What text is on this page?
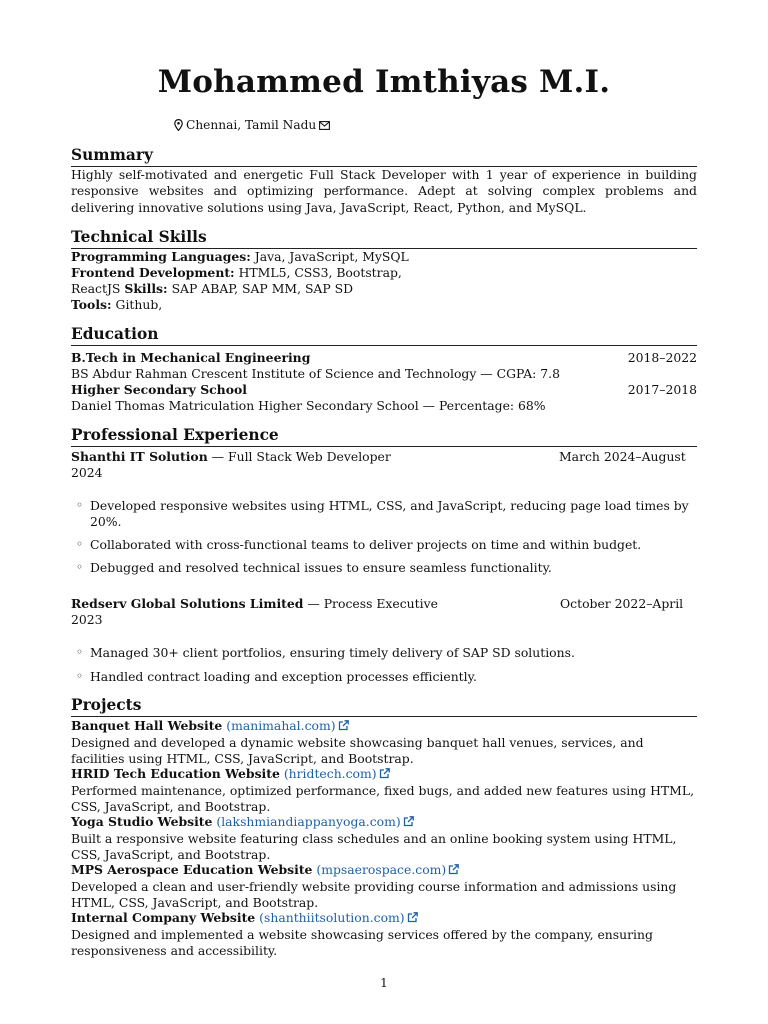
Mohammed Imthiyas M.I.
Chennai, Tamil Nadu
Summary
Highly self-motivated and energetic Full Stack Developer with 1 year of experience in building responsive websites and optimizing performance. Adept at solving complex problems and delivering innovative solutions using Java, JavaScript, React, Python, and MySQL.
Technical Skills
Programming Languages: Java, JavaScript, MySQL
Frontend Development: HTML5, CSS3, Bootstrap,
ReactJS Skills: SAP ABAP, SAP MM, SAP SD
Tools: Github,
Education
B.Tech in Mechanical Engineering	2018–2022
BS Abdur Rahman Crescent Institute of Science and Technology — CGPA: 7.8
Higher Secondary School	2017–2018
Daniel Thomas Matriculation Higher Secondary School — Percentage: 68%
Professional Experience
Shanthi IT Solution — Full Stack Web Developer	March 2024–August
2024
◦ Developed responsive websites using HTML, CSS, and JavaScript, reducing page load times by 20%.
◦ Collaborated with cross-functional teams to deliver projects on time and within budget.
◦ Debugged and resolved technical issues to ensure seamless functionality.
Redserv Global Solutions Limited — Process Executive	October 2022–April
2023
◦ Managed 30+ client portfolios, ensuring timely delivery of SAP SD solutions.
◦ Handled contract loading and exception processes efficiently.
Projects
Banquet Hall Website (manimahal.com)
Designed and developed a dynamic website showcasing banquet hall venues, services, and facilities using HTML, CSS, JavaScript, and Bootstrap.
HRID Tech Education Website (hridtech.com)
Performed maintenance, optimized performance, fixed bugs, and added new features using HTML, CSS, JavaScript, and Bootstrap.
Yoga Studio Website (lakshmiandiappanyoga.com)
Built a responsive website featuring class schedules and an online booking system using HTML, CSS, JavaScript, and Bootstrap.
MPS Aerospace Education Website (mpsaerospace.com)
Developed a clean and user-friendly website providing course information and admissions using HTML, CSS, JavaScript, and Bootstrap.
Internal Company Website (shanthiitsolution.com)
Designed and implemented a website showcasing services offered by the company, ensuring responsiveness and accessibility.
1
